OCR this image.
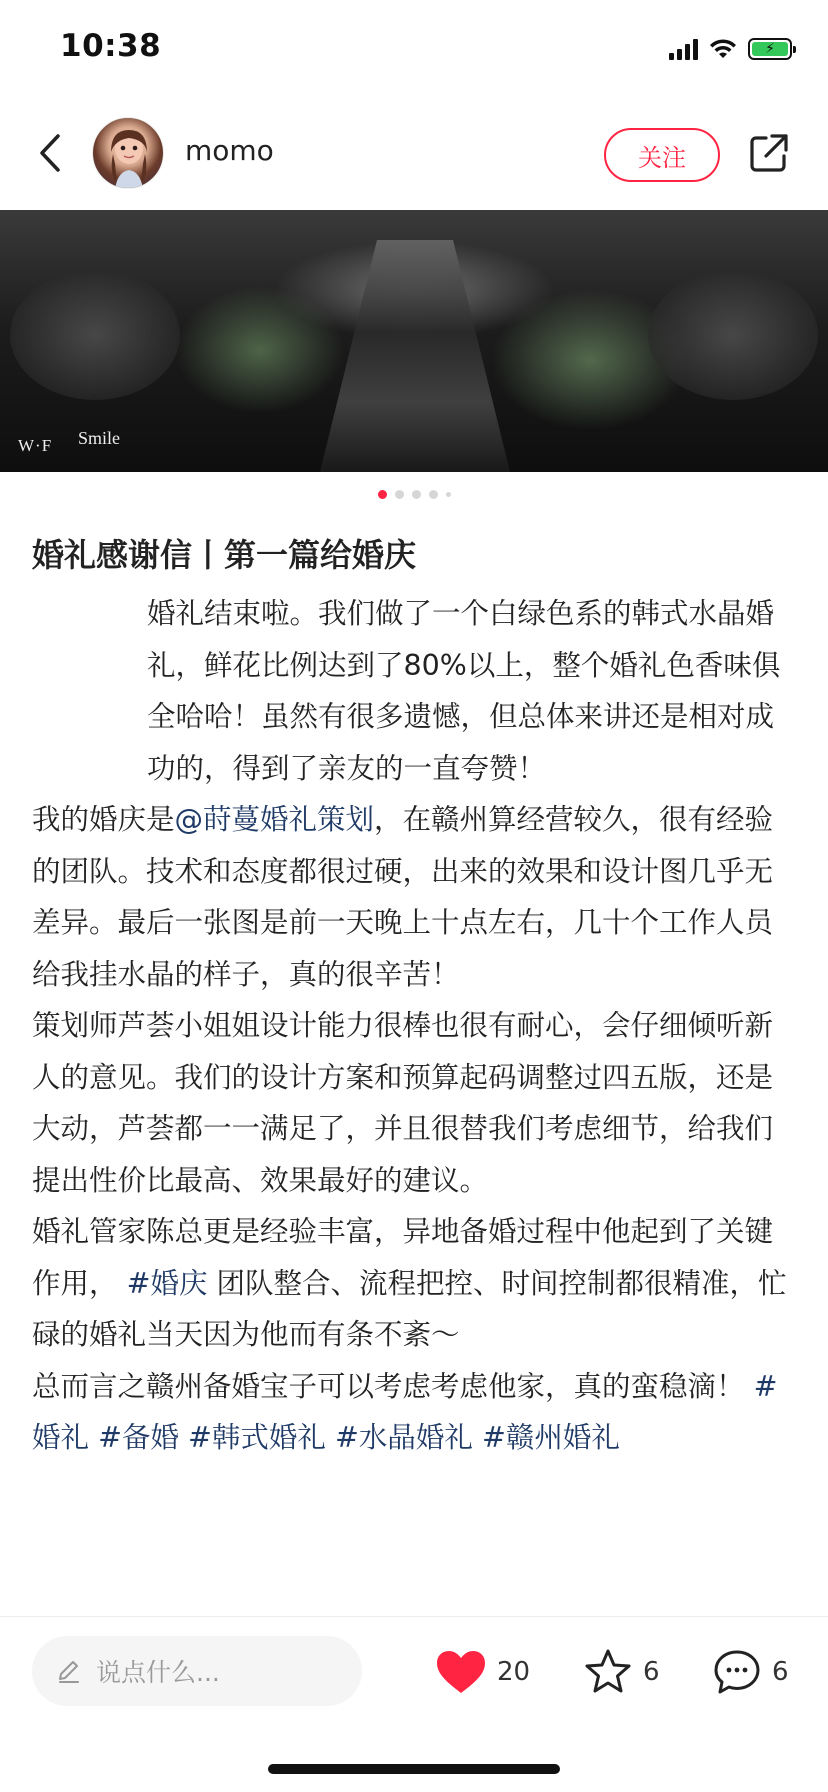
10:38	⚡
momo	关注
W·F Smile
婚礼感谢信丨第一篇给婚庆

婚礼结束啦。我们做了一个白绿色系的韩式水晶婚礼，鲜花比例达到了80%以上，整个婚礼色香味俱全哈哈！虽然有很多遗憾，但总体来讲还是相对成功的，得到了亲友的一直夸赞！

我的婚庆是@莳蔓婚礼策划，在赣州算经营较久，很有经验的团队。技术和态度都很过硬，出来的效果和设计图几乎无差异。最后一张图是前一天晚上十点左右，几十个工作人员给我挂水晶的样子，真的很辛苦！

策划师芦荟小姐姐设计能力很棒也很有耐心，会仔细倾听新人的意见。我们的设计方案和预算起码调整过四五版，还是大动，芦荟都一一满足了，并且很替我们考虑细节，给我们提出性价比最高、效果最好的建议。

婚礼管家陈总更是经验丰富，异地备婚过程中他起到了关键作用， #婚庆 团队整合、流程把控、时间控制都很精准，忙碌的婚礼当天因为他而有条不紊～

总而言之赣州备婚宝子可以考虑考虑他家，真的蛮稳滴！ #婚礼 #备婚 #韩式婚礼 #水晶婚礼 #赣州婚礼

说点什么...	20	6	6
